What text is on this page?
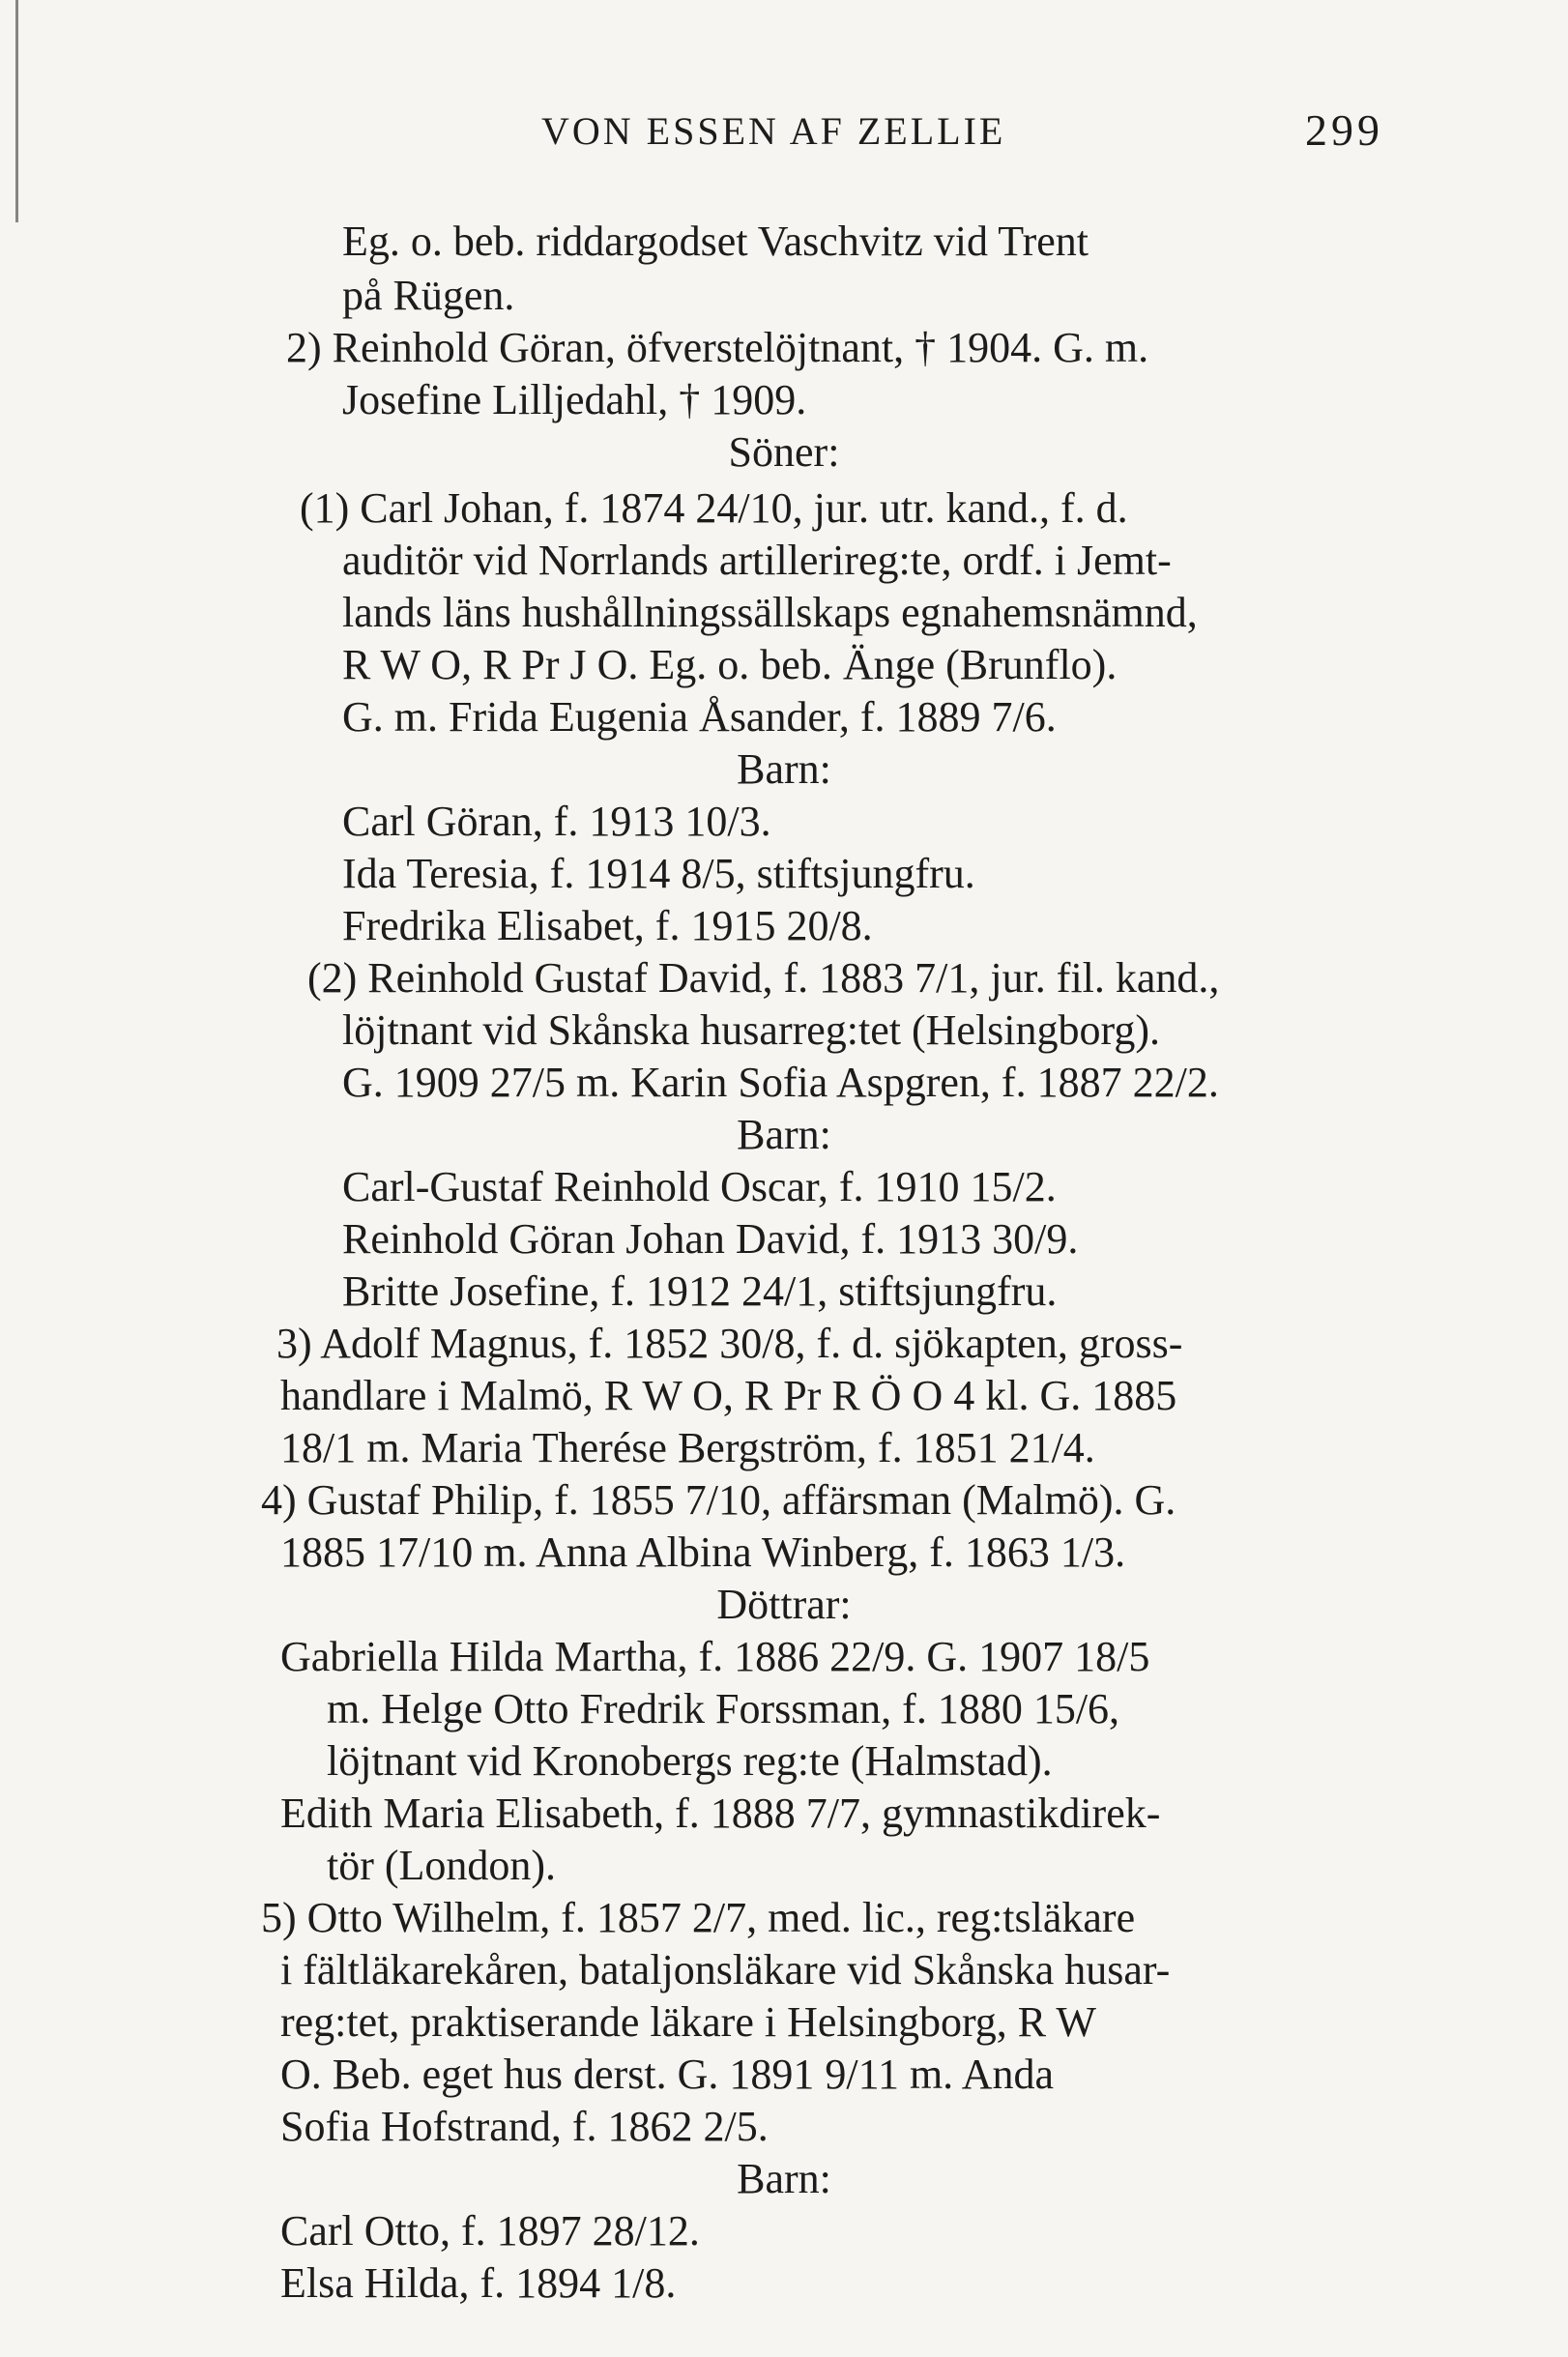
VON ESSEN AF ZELLIE	299
Eg. o. beb. riddargodset Vaschvitz vid Trent
på Rügen.
2) Reinhold Göran, öfverstelöjtnant, † 1904. G. m.
Josefine Lilljedahl, † 1909.
Söner:
(1) Carl Johan, f. 1874 24/10, jur. utr. kand., f. d.
auditör vid Norrlands artillerireg:te, ordf. i Jemt-
lands läns hushållningssällskaps egnahemsnämnd,
R W O, R Pr J O. Eg. o. beb. Änge (Brunflo).
G. m. Frida Eugenia Åsander, f. 1889 7/6.
Barn:
Carl Göran, f. 1913 10/3.
Ida Teresia, f. 1914 8/5, stiftsjungfru.
Fredrika Elisabet, f. 1915 20/8.
(2) Reinhold Gustaf David, f. 1883 7/1, jur. fil. kand.,
löjtnant vid Skånska husarreg:tet (Helsingborg).
G. 1909 27/5 m. Karin Sofia Aspgren, f. 1887 22/2.
Barn:
Carl-Gustaf Reinhold Oscar, f. 1910 15/2.
Reinhold Göran Johan David, f. 1913 30/9.
Britte Josefine, f. 1912 24/1, stiftsjungfru.
3) Adolf Magnus, f. 1852 30/8, f. d. sjökapten, gross-
handlare i Malmö, R W O, R Pr R Ö O 4 kl. G. 1885
18/1 m. Maria Therése Bergström, f. 1851 21/4.
4) Gustaf Philip, f. 1855 7/10, affärsman (Malmö). G.
1885 17/10 m. Anna Albina Winberg, f. 1863 1/3.
Döttrar:
Gabriella Hilda Martha, f. 1886 22/9. G. 1907 18/5
m. Helge Otto Fredrik Forssman, f. 1880 15/6,
löjtnant vid Kronobergs reg:te (Halmstad).
Edith Maria Elisabeth, f. 1888 7/7, gymnastikdirek-
tör (London).
5) Otto Wilhelm, f. 1857 2/7, med. lic., reg:tsläkare
i fältläkarekåren, bataljonsläkare vid Skånska husar-
reg:tet, praktiserande läkare i Helsingborg, R W
O. Beb. eget hus derst. G. 1891 9/11 m. Anda
Sofia Hofstrand, f. 1862 2/5.
Barn:
Carl Otto, f. 1897 28/12.
Elsa Hilda, f. 1894 1/8.
